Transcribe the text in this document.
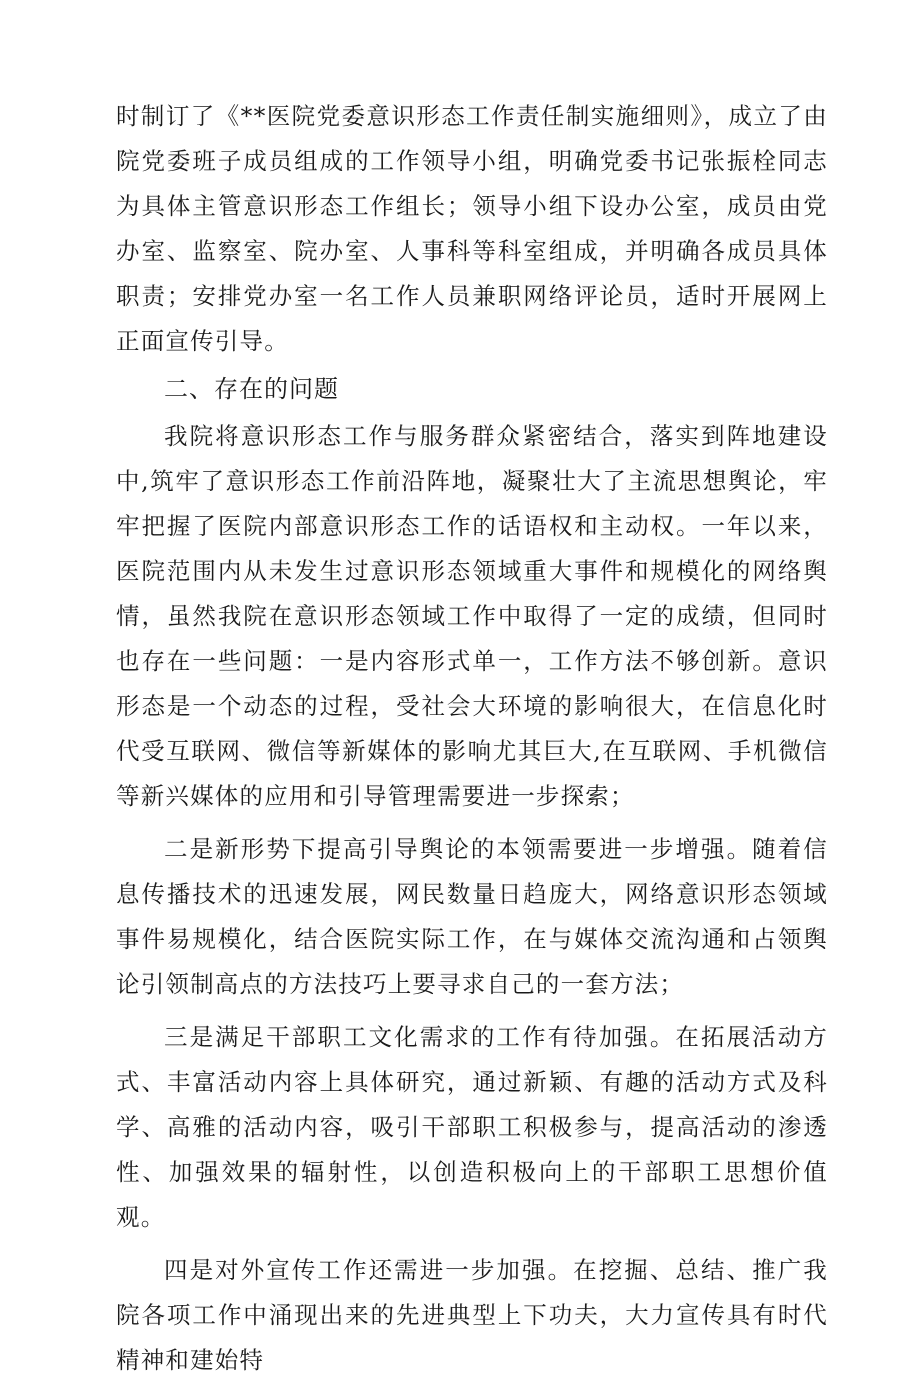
时制订了《**医院党委意识形态工作责任制实施细则》，成立了由院党委班子成员组成的工作领导小组，明确党委书记张振栓同志为具体主管意识形态工作组长；领导小组下设办公室，成员由党办室、监察室、院办室、人事科等科室组成，并明确各成员具体职责；安排党办室一名工作人员兼职网络评论员，适时开展网上正面宣传引导。

二、存在的问题

我院将意识形态工作与服务群众紧密结合，落实到阵地建设中,筑牢了意识形态工作前沿阵地，凝聚壮大了主流思想舆论，牢牢把握了医院内部意识形态工作的话语权和主动权。一年以来，医院范围内从未发生过意识形态领域重大事件和规模化的网络舆情，虽然我院在意识形态领域工作中取得了一定的成绩，但同时也存在一些问题：一是内容形式单一，工作方法不够创新。意识形态是一个动态的过程，受社会大环境的影响很大，在信息化时代受互联网、微信等新媒体的影响尤其巨大,在互联网、手机微信等新兴媒体的应用和引导管理需要进一步探索；

二是新形势下提高引导舆论的本领需要进一步增强。随着信息传播技术的迅速发展，网民数量日趋庞大，网络意识形态领域事件易规模化，结合医院实际工作，在与媒体交流沟通和占领舆论引领制高点的方法技巧上要寻求自己的一套方法；

三是满足干部职工文化需求的工作有待加强。在拓展活动方式、丰富活动内容上具体研究，通过新颖、有趣的活动方式及科学、高雅的活动内容，吸引干部职工积极参与，提高活动的渗透性、加强效果的辐射性，以创造积极向上的干部职工思想价值观。

四是对外宣传工作还需进一步加强。在挖掘、总结、推广我院各项工作中涌现出来的先进典型上下功夫，大力宣传具有时代精神和建始特
